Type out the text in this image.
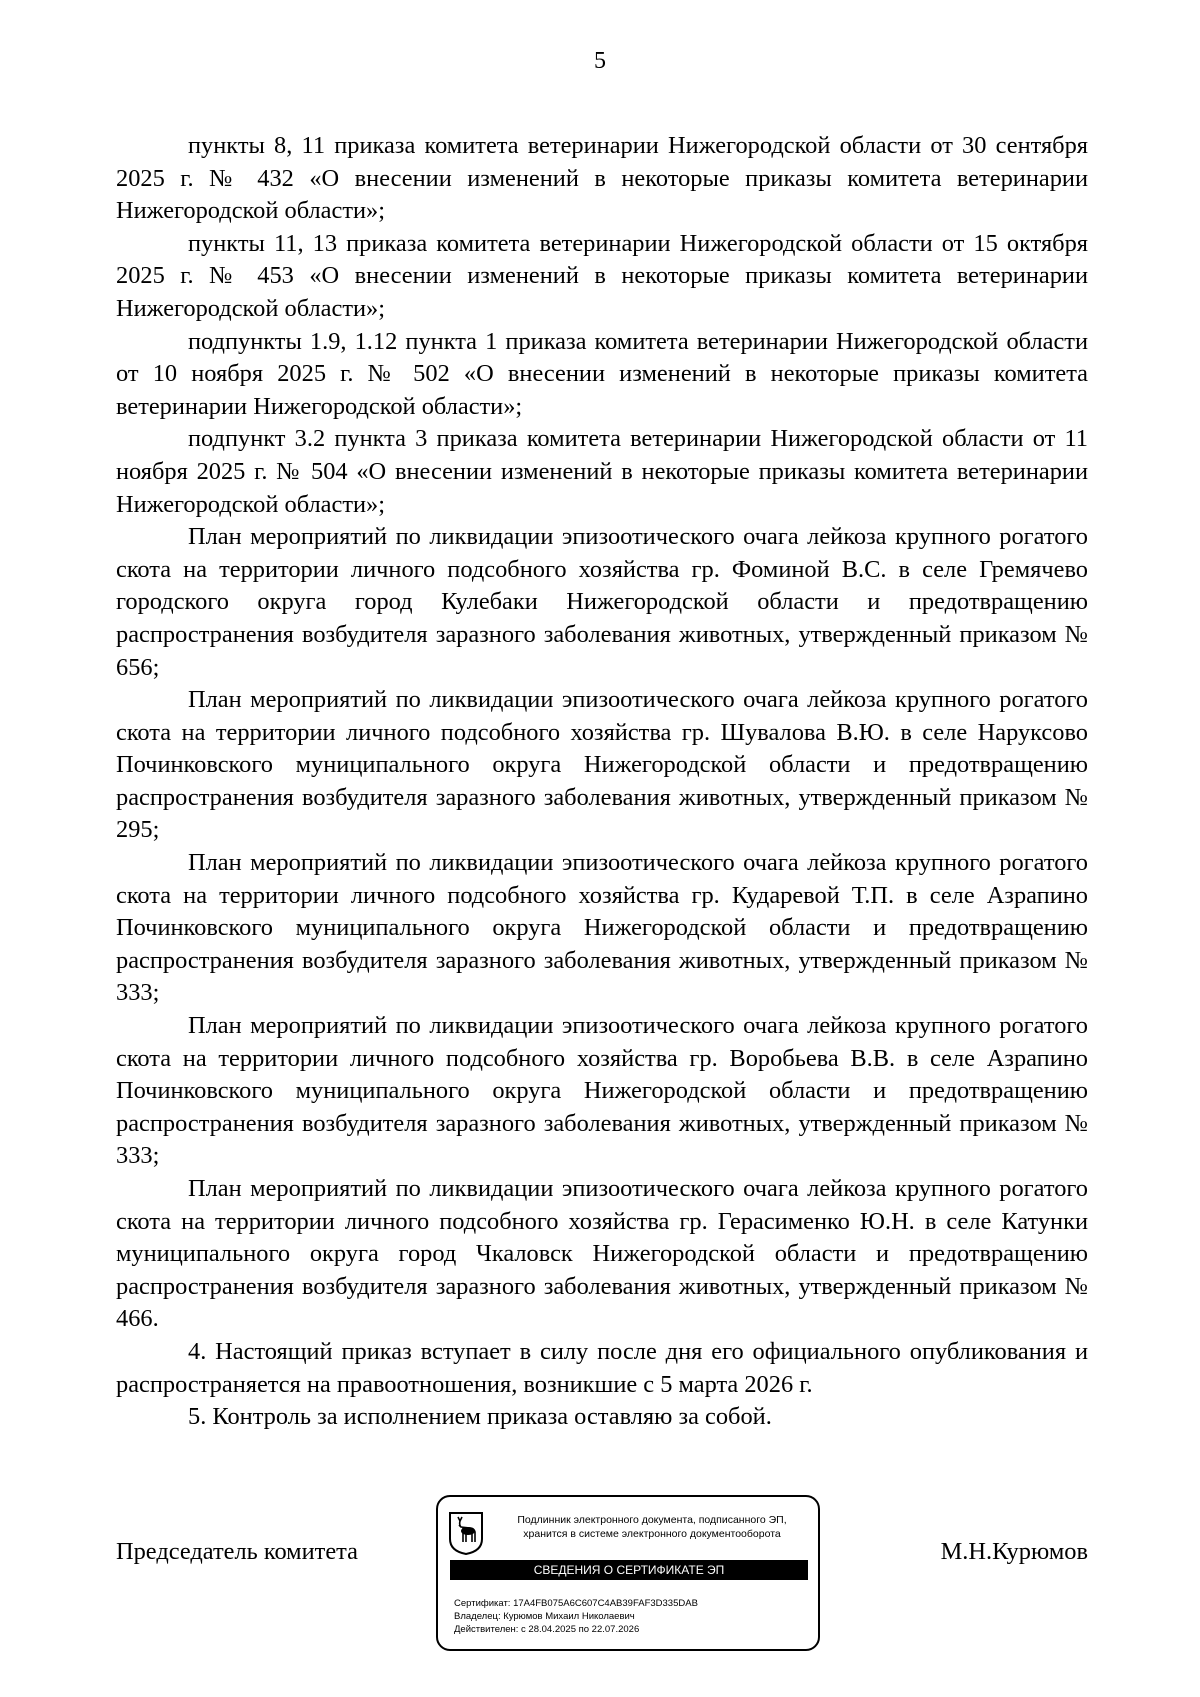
5

пункты 8, 11 приказа комитета ветеринарии Нижегородской области от 30 сентября 2025 г. № 432 «О внесении изменений в некоторые приказы комитета ветеринарии Нижегородской области»;

пункты 11, 13 приказа комитета ветеринарии Нижегородской области от 15 октября 2025 г. № 453 «О внесении изменений в некоторые приказы комитета ветеринарии Нижегородской области»;

подпункты 1.9, 1.12 пункта 1 приказа комитета ветеринарии Нижегородской области от 10 ноября 2025 г. № 502 «О внесении изменений в некоторые приказы комитета ветеринарии Нижегородской области»;

подпункт 3.2 пункта 3 приказа комитета ветеринарии Нижегородской области от 11 ноября 2025 г. № 504 «О внесении изменений в некоторые приказы комитета ветеринарии Нижегородской области»;

План мероприятий по ликвидации эпизоотического очага лейкоза крупного рогатого скота на территории личного подсобного хозяйства гр. Фоминой В.С. в селе Гремячево городского округа город Кулебаки Нижегородской области и предотвращению распространения возбудителя заразного заболевания животных, утвержденный приказом № 656;

План мероприятий по ликвидации эпизоотического очага лейкоза крупного рогатого скота на территории личного подсобного хозяйства гр. Шувалова В.Ю. в селе Наруксово Починковского муниципального округа Нижегородской области и предотвращению распространения возбудителя заразного заболевания животных, утвержденный приказом № 295;

План мероприятий по ликвидации эпизоотического очага лейкоза крупного рогатого скота на территории личного подсобного хозяйства гр. Кударевой Т.П. в селе Азрапино Починковского муниципального округа Нижегородской области и предотвращению распространения возбудителя заразного заболевания животных, утвержденный приказом № 333;

План мероприятий по ликвидации эпизоотического очага лейкоза крупного рогатого скота на территории личного подсобного хозяйства гр. Воробьева В.В. в селе Азрапино Починковского муниципального округа Нижегородской области и предотвращению распространения возбудителя заразного заболевания животных, утвержденный приказом № 333;

План мероприятий по ликвидации эпизоотического очага лейкоза крупного рогатого скота на территории личного подсобного хозяйства гр. Герасименко Ю.Н. в селе Катунки муниципального округа город Чкаловск Нижегородской области и предотвращению распространения возбудителя заразного заболевания животных, утвержденный приказом № 466.

4. Настоящий приказ вступает в силу после дня его официального опубликования и распространяется на правоотношения, возникшие с 5 марта 2026 г.

5. Контроль за исполнением приказа оставляю за собой.

Председатель комитета	М.Н.Курюмов
Подлинник электронного документа, подписанного ЭП,
хранится в системе электронного документооборота
СВЕДЕНИЯ О СЕРТИФИКАТЕ ЭП
Сертификат: 17A4FB075A6C607C4AB39FAF3D335DAB
Владелец: Курюмов Михаил Николаевич
Действителен: с 28.04.2025 по 22.07.2026
